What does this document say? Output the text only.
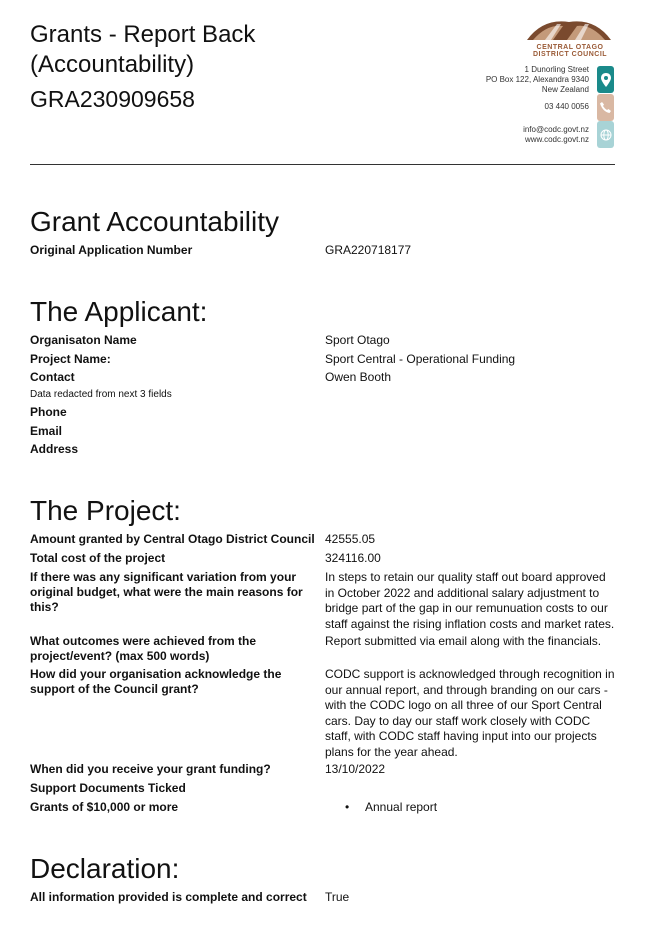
Grants - Report Back (Accountability)
GRA230909658
CENTRAL OTAGO DISTRICT COUNCIL
1 Dunorling Street
PO Box 122, Alexandra 9340
New Zealand
03 440 0056
info@codc.govt.nz
www.codc.govt.nz
Grant Accountability
Original Application Number	GRA220718177
The Applicant:
Organisaton Name	Sport Otago
Project Name:	Sport Central - Operational Funding
Contact	Owen Booth
Data redacted from next 3 fields
Phone
Email
Address
The Project:
Amount granted by Central Otago District Council 42555.05
Total cost of the project	324116.00
If there was any significant variation from your original budget, what were the main reasons for this?
In steps to retain our quality staff out board approved in October 2022 and additional salary adjustment to bridge part of the gap in our remunuation costs to our staff against the rising inflation costs and market rates.
What outcomes were achieved from the project/event? (max 500 words)
Report submitted via email along with the financials.
How did your organisation acknowledge the support of the Council grant?
CODC support is acknowledged through recognition in our annual report, and through branding on our cars - with the CODC logo on all three of our Sport Central cars. Day to day our staff work closely with CODC staff, with CODC staff having input into our projects plans for the year ahead.
When did you receive your grant funding?	13/10/2022
Support Documents Ticked
Grants of $10,000 or more	• Annual report
Declaration:
All information provided is complete and correct	True
